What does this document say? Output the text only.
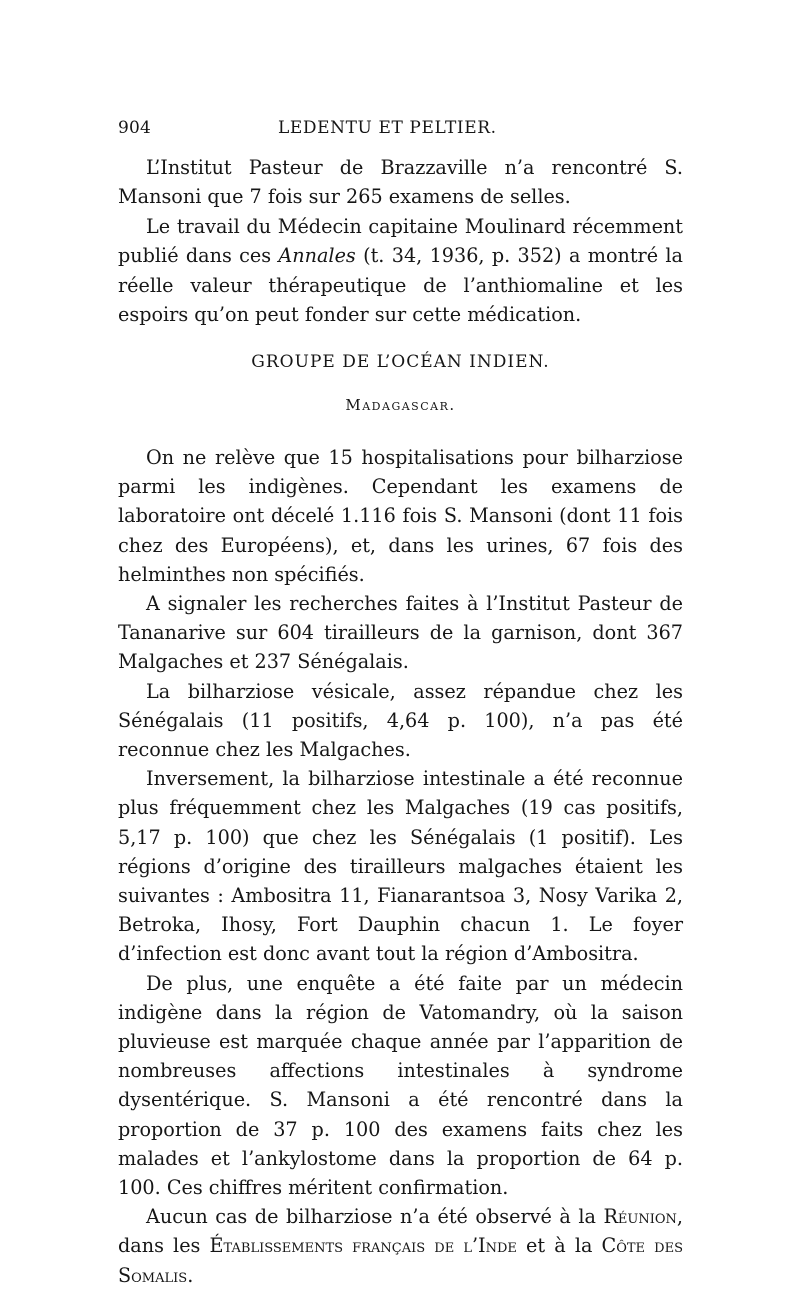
904	LEDENTU ET PELTIER.

L’Institut Pasteur de Brazzaville n’a rencontré S. Mansoni que 7 fois sur 265 examens de selles.

Le travail du Médecin capitaine Moulinard récemment publié dans ces Annales (t. 34, 1936, p. 352) a montré la réelle valeur thérapeutique de l’anthiomaline et les espoirs qu’on peut fonder sur cette médication.

GROUPE DE L’OCÉAN INDIEN.
Madagascar.

On ne relève que 15 hospitalisations pour bilharziose parmi les indigènes. Cependant les examens de laboratoire ont décelé 1.116 fois S. Mansoni (dont 11 fois chez des Européens), et, dans les urines, 67 fois des helminthes non spécifiés.

A signaler les recherches faites à l’Institut Pasteur de Tananarive sur 604 tirailleurs de la garnison, dont 367 Malgaches et 237 Sénégalais.

La bilharziose vésicale, assez répandue chez les Sénégalais (11 positifs, 4,64 p. 100), n’a pas été reconnue chez les Malgaches.

Inversement, la bilharziose intestinale a été reconnue plus fréquemment chez les Malgaches (19 cas positifs, 5,17 p. 100) que chez les Sénégalais (1 positif). Les régions d’origine des tirailleurs malgaches étaient les suivantes : Ambositra 11, Fianarantsoa 3, Nosy Varika 2, Betroka, Ihosy, Fort Dauphin chacun 1. Le foyer d’infection est donc avant tout la région d’Ambositra.

De plus, une enquête a été faite par un médecin indigène dans la région de Vatomandry, où la saison pluvieuse est marquée chaque année par l’apparition de nombreuses affections intestinales à syndrome dysentérique. S. Mansoni a été rencontré dans la proportion de 37 p. 100 des examens faits chez les malades et l’ankylostome dans la proportion de 64 p. 100. Ces chiffres méritent confirmation.

Aucun cas de bilharziose n’a été observé à la Réunion, dans les Établissements français de l’Inde et à la Côte des Somalis.
